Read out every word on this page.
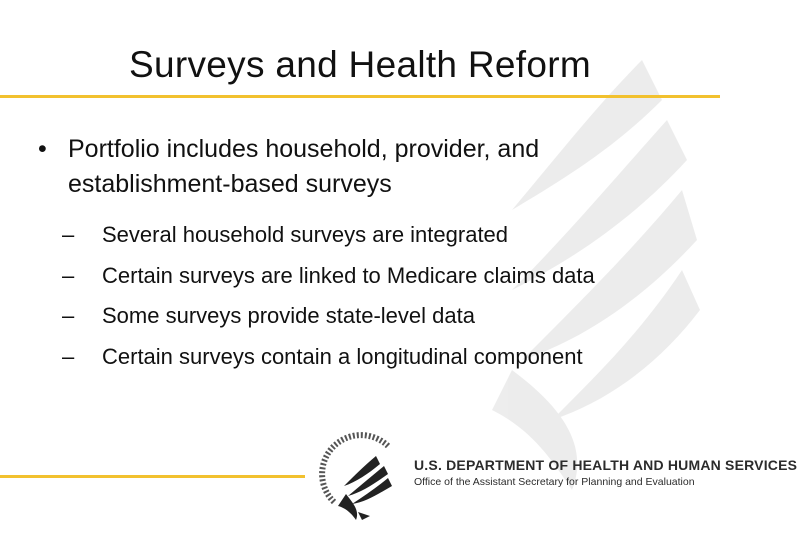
Surveys and Health Reform
• Portfolio includes household, provider, and establishment-based surveys
– Several household surveys are integrated
– Certain surveys are linked to Medicare claims data
– Some surveys provide state-level data
– Certain surveys contain a longitudinal component
U.S. DEPARTMENT OF HEALTH AND HUMAN SERVICES
Office of the Assistant Secretary for Planning and Evaluation
